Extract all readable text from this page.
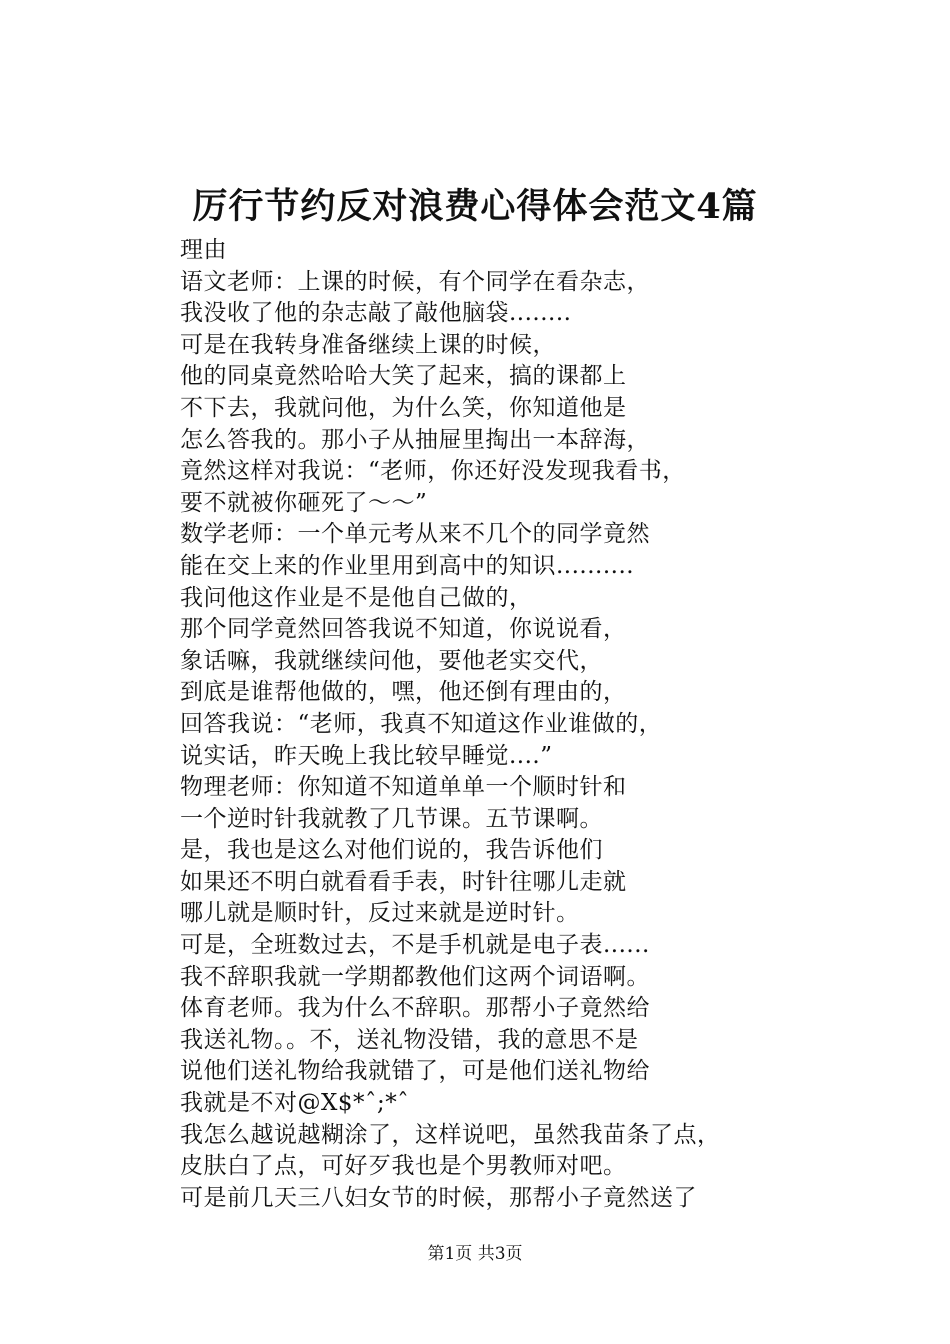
厉行节约反对浪费心得体会范文4篇
理由
语文老师：上课的时候，有个同学在看杂志，
我没收了他的杂志敲了敲他脑袋........
可是在我转身准备继续上课的时候，
他的同桌竟然哈哈大笑了起来，搞的课都上
不下去，我就问他，为什么笑，你知道他是
怎么答我的。那小子从抽屉里掏出一本辞海，
竟然这样对我说：“老师，你还好没发现我看书，
要不就被你砸死了～～”
数学老师：一个单元考从来不几个的同学竟然
能在交上来的作业里用到高中的知识..........
我问他这作业是不是他自己做的，
那个同学竟然回答我说不知道，你说说看，
象话嘛，我就继续问他，要他老实交代，
到底是谁帮他做的，嘿，他还倒有理由的，
回答我说：“老师，我真不知道这作业谁做的，
说实话，昨天晚上我比较早睡觉....”
物理老师：你知道不知道单单一个顺时针和
一个逆时针我就教了几节课。五节课啊。
是，我也是这么对他们说的，我告诉他们
如果还不明白就看看手表，时针往哪儿走就
哪儿就是顺时针，反过来就是逆时针。
可是，全班数过去，不是手机就是电子表......
我不辞职我就一学期都教他们这两个词语啊。
体育老师。我为什么不辞职。那帮小子竟然给
我送礼物。。不，送礼物没错，我的意思不是
说他们送礼物给我就错了，可是他们送礼物给
我就是不对@X$*ˆ;*ˆ
我怎么越说越糊涂了，这样说吧，虽然我苗条了点，
皮肤白了点，可好歹我也是个男教师对吧。
可是前几天三八妇女节的时候，那帮小子竟然送了
第1页 共3页
